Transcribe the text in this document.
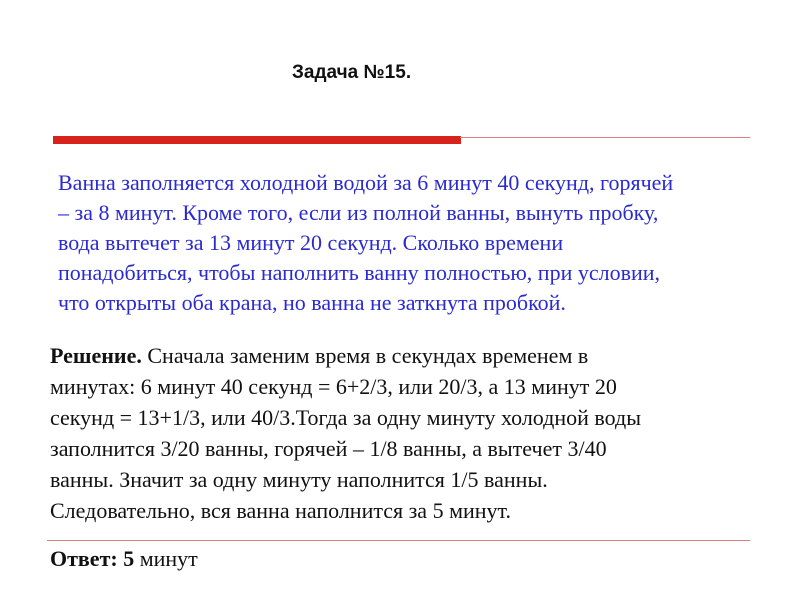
Задача №15.
Ванна заполняется холодной водой за 6 минут 40 секунд, горячей
– за 8 минут. Кроме того, если из полной ванны, вынуть пробку,
вода вытечет за 13 минут 20 секунд. Сколько времени
понадобиться, чтобы наполнить ванну полностью, при условии,
что открыты оба крана, но ванна не заткнута пробкой.
Решение. Сначала заменим время в секундах временем в
минутах: 6 минут 40 секунд = 6+2/3, или 20/3, а 13 минут 20
секунд = 13+1/3, или 40/3.Тогда за одну минуту холодной воды
заполнится 3/20 ванны, горячей – 1/8 ванны, а вытечет 3/40
ванны. Значит за одну минуту наполнится 1/5 ванны.
Следовательно, вся ванна наполнится за 5 минут.
Ответ: 5 минут
